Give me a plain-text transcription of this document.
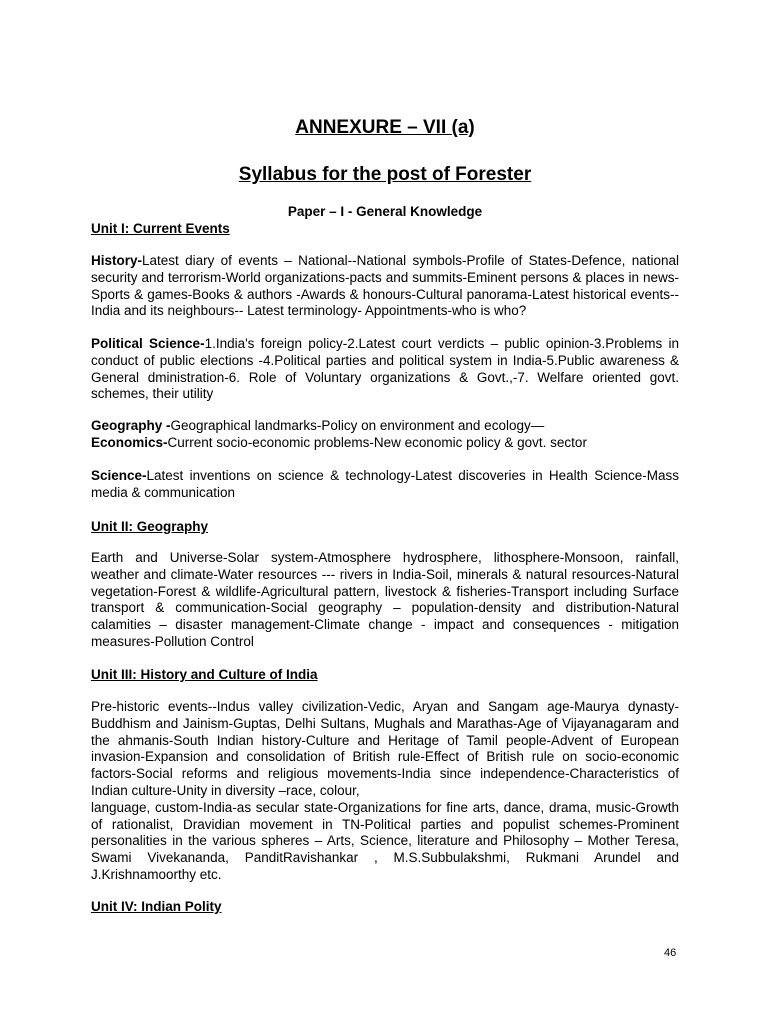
ANNEXURE – VII (a)
Syllabus for the post of Forester
Paper – I - General Knowledge
Unit I: Current Events
History-Latest diary of events – National--National symbols-Profile of States-Defence, national security and terrorism-World organizations-pacts and summits-Eminent persons & places in news-Sports & games-Books & authors -Awards & honours-Cultural panorama-Latest historical events-- India and its neighbours-- Latest terminology- Appointments-who is who?
Political Science-1.India's foreign policy-2.Latest court verdicts – public opinion-3.Problems in conduct of public elections -4.Political parties and political system in India-5.Public awareness & General dministration-6. Role of Voluntary organizations & Govt.,-7. Welfare oriented govt. schemes, their utility
Geography -Geographical landmarks-Policy on environment and ecology—
Economics-Current socio-economic problems-New economic policy & govt. sector
Science-Latest inventions on science & technology-Latest discoveries in Health Science-Mass media & communication
Unit II: Geography
Earth and Universe-Solar system-Atmosphere hydrosphere, lithosphere-Monsoon, rainfall, weather and climate-Water resources --- rivers in India-Soil, minerals & natural resources-Natural vegetation-Forest & wildlife-Agricultural pattern, livestock & fisheries-Transport including Surface transport & communication-Social geography – population-density and distribution-Natural calamities – disaster management-Climate change - impact and consequences - mitigation measures-Pollution Control
Unit III: History and Culture of India
Pre-historic events--Indus valley civilization-Vedic, Aryan and Sangam age-Maurya dynasty-Buddhism and Jainism-Guptas, Delhi Sultans, Mughals and Marathas-Age of Vijayanagaram and the ahmanis-South Indian history-Culture and Heritage of Tamil people-Advent of European invasion-Expansion and consolidation of British rule-Effect of British rule on socio-economic factors-Social reforms and religious movements-India since independence-Characteristics of Indian culture-Unity in diversity –race, colour,
language, custom-India-as secular state-Organizations for fine arts, dance, drama, music-Growth of rationalist, Dravidian movement in TN-Political parties and populist schemes-Prominent personalities in the various spheres – Arts, Science, literature and Philosophy – Mother Teresa, Swami Vivekananda, PanditRavishankar , M.S.Subbulakshmi, Rukmani Arundel and J.Krishnamoorthy etc.
Unit IV: Indian Polity
46
